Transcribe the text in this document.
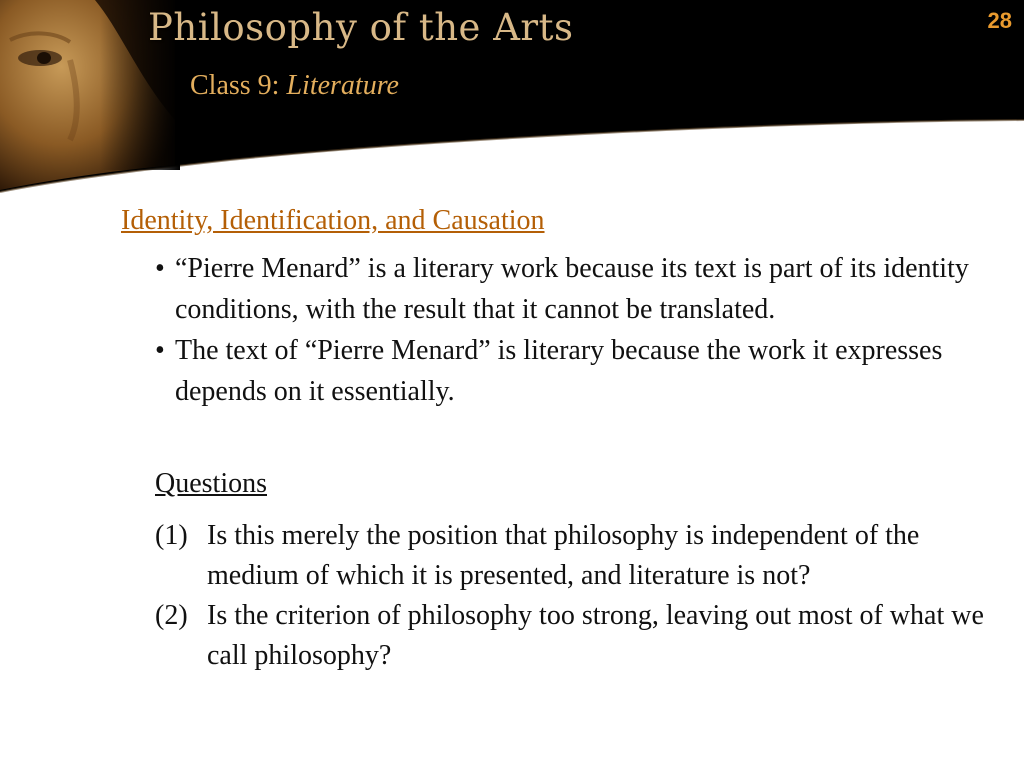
Philosophy of the Arts
Class 9: Literature
28
Identity, Identification, and Causation
• “Pierre Menard” is a literary work because its text is part of its identity conditions, with the result that it cannot be translated.
• The text of “Pierre Menard” is literary because the work it expresses depends on it essentially.
Questions
(1) Is this merely the position that philosophy is independent of the medium of which it is presented, and literature is not?
(2) Is the criterion of philosophy too strong, leaving out most of what we call philosophy?
